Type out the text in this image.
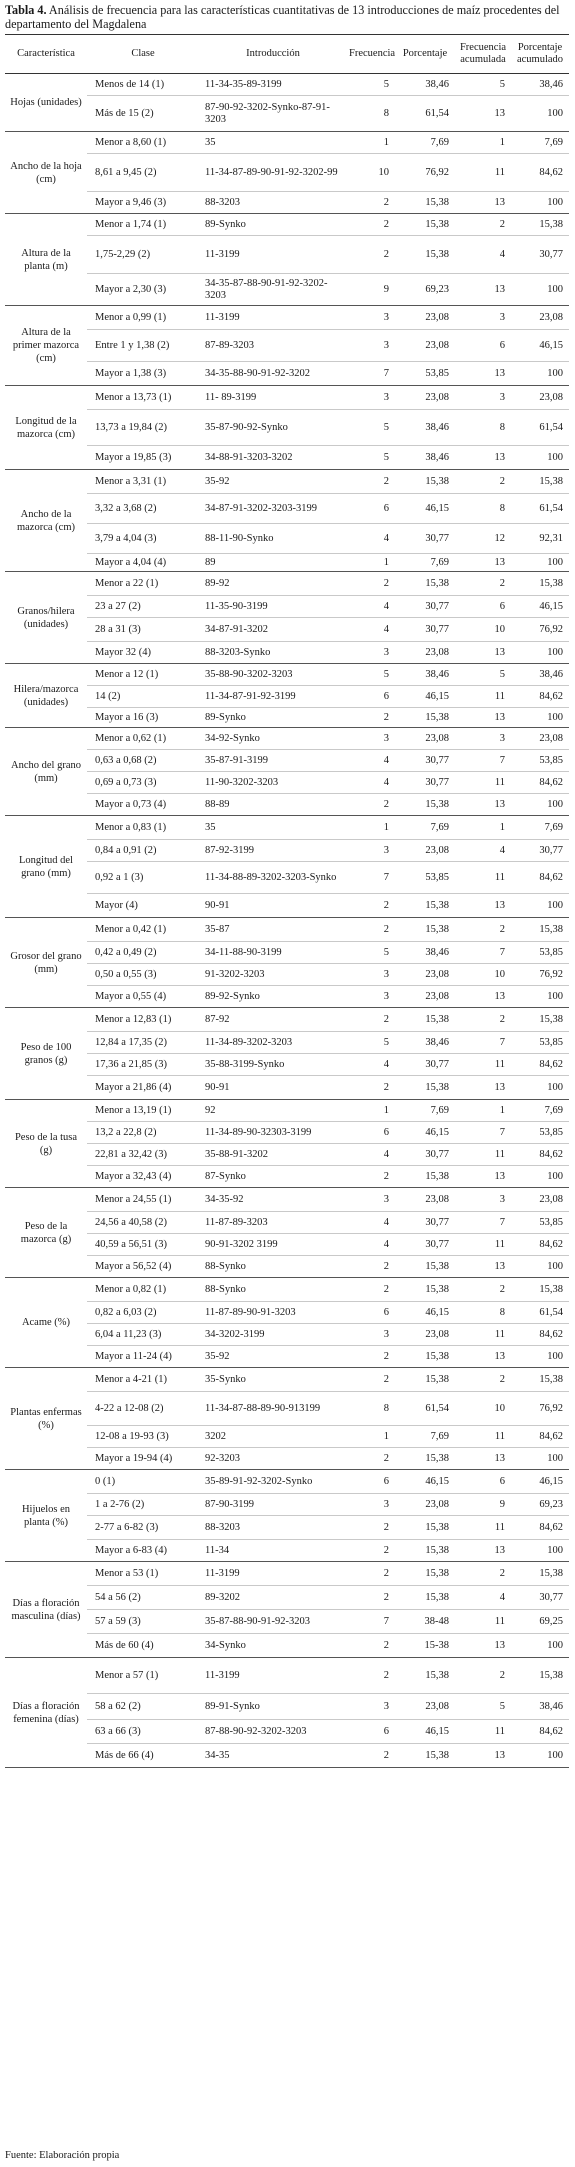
Tabla 4. Análisis de frecuencia para las características cuantitativas de 13 introducciones de maíz procedentes del departamento del Magdalena
Característica	Clase	Introducción	Frecuencia	Porcentaje	Frecuencia acumulada	Porcentaje acumulado
Hojas (unidades)	Menos de 14 (1)	11-34-35-89-3199	5	38,46	5	38,46
	Más de 15 (2)	87-90-92-3202-Synko-87-91-3203	8	61,54	13	100
Ancho de la hoja (cm)	Menor a 8,60 (1)	35	1	7,69	1	7,69
	8,61 a 9,45 (2)	11-34-87-89-90-91-92-3202-99	10	76,92	11	84,62
	Mayor a 9,46 (3)	88-3203	2	15,38	13	100
Altura de la planta (m)	Menor a 1,74 (1)	89-Synko	2	15,38	2	15,38
	1,75-2,29 (2)	11-3199	2	15,38	4	30,77
	Mayor a 2,30 (3)	34-35-87-88-90-91-92-3202-3203	9	69,23	13	100
Altura de la primer mazorca (cm)	Menor a 0,99 (1)	11-3199	3	23,08	3	23,08
	Entre 1 y 1,38 (2)	87-89-3203	3	23,08	6	46,15
	Mayor a 1,38 (3)	34-35-88-90-91-92-3202	7	53,85	13	100
Longitud de la mazorca (cm)	Menor a 13,73 (1)	11- 89-3199	3	23,08	3	23,08
	13,73 a 19,84 (2)	35-87-90-92-Synko	5	38,46	8	61,54
	Mayor a 19,85 (3)	34-88-91-3203-3202	5	38,46	13	100
Ancho de la mazorca (cm)	Menor a 3,31 (1)	35-92	2	15,38	2	15,38
	3,32 a 3,68 (2)	34-87-91-3202-3203-3199	6	46,15	8	61,54
	3,79 a 4,04 (3)	88-11-90-Synko	4	30,77	12	92,31
	Mayor a 4,04 (4)	89	1	7,69	13	100
Granos/hilera (unidades)	Menor a 22 (1)	89-92	2	15,38	2	15,38
	23 a 27 (2)	11-35-90-3199	4	30,77	6	46,15
	28 a 31 (3)	34-87-91-3202	4	30,77	10	76,92
	Mayor 32 (4)	88-3203-Synko	3	23,08	13	100
Hilera/mazorca (unidades)	Menor a 12 (1)	35-88-90-3202-3203	5	38,46	5	38,46
	14 (2)	11-34-87-91-92-3199	6	46,15	11	84,62
	Mayor a 16 (3)	89-Synko	2	15,38	13	100
Ancho del grano (mm)	Menor a 0,62 (1)	34-92-Synko	3	23,08	3	23,08
	0,63 a 0,68 (2)	35-87-91-3199	4	30,77	7	53,85
	0,69 a 0,73 (3)	11-90-3202-3203	4	30,77	11	84,62
	Mayor a 0,73 (4)	88-89	2	15,38	13	100
Longitud del grano (mm)	Menor a 0,83 (1)	35	1	7,69	1	7,69
	0,84 a 0,91 (2)	87-92-3199	3	23,08	4	30,77
	0,92 a 1 (3)	11-34-88-89-3202-3203-Synko	7	53,85	11	84,62
	Mayor (4)	90-91	2	15,38	13	100
Grosor del grano (mm)	Menor a 0,42 (1)	35-87	2	15,38	2	15,38
	0,42 a 0,49 (2)	34-11-88-90-3199	5	38,46	7	53,85
	0,50 a 0,55 (3)	91-3202-3203	3	23,08	10	76,92
	Mayor a 0,55 (4)	89-92-Synko	3	23,08	13	100
Peso de 100 granos (g)	Menor a 12,83 (1)	87-92	2	15,38	2	15,38
	12,84 a 17,35 (2)	11-34-89-3202-3203	5	38,46	7	53,85
	17,36 a 21,85 (3)	35-88-3199-Synko	4	30,77	11	84,62
	Mayor a 21,86 (4)	90-91	2	15,38	13	100
Peso de la tusa (g)	Menor a 13,19 (1)	92	1	7,69	1	7,69
	13,2 a 22,8 (2)	11-34-89-90-32303-3199	6	46,15	7	53,85
	22,81 a 32,42 (3)	35-88-91-3202	4	30,77	11	84,62
	Mayor a 32,43 (4)	87-Synko	2	15,38	13	100
Peso de la mazorca (g)	Menor a 24,55 (1)	34-35-92	3	23,08	3	23,08
	24,56 a 40,58 (2)	11-87-89-3203	4	30,77	7	53,85
	40,59 a 56,51 (3)	90-91-3202 3199	4	30,77	11	84,62
	Mayor a 56,52 (4)	88-Synko	2	15,38	13	100
Acame (%)	Menor a 0,82 (1)	88-Synko	2	15,38	2	15,38
	0,82 a 6,03 (2)	11-87-89-90-91-3203	6	46,15	8	61,54
	6,04 a 11,23 (3)	34-3202-3199	3	23,08	11	84,62
	Mayor a 11-24 (4)	35-92	2	15,38	13	100
Plantas enfermas (%)	Menor a 4-21 (1)	35-Synko	2	15,38	2	15,38
	4-22 a 12-08 (2)	11-34-87-88-89-90-913199	8	61,54	10	76,92
	12-08 a 19-93 (3)	3202	1	7,69	11	84,62
	Mayor a 19-94 (4)	92-3203	2	15,38	13	100
Hijuelos en planta (%)	0 (1)	35-89-91-92-3202-Synko	6	46,15	6	46,15
	1 a 2-76 (2)	87-90-3199	3	23,08	9	69,23
	2-77 a 6-82 (3)	88-3203	2	15,38	11	84,62
	Mayor a 6-83 (4)	11-34	2	15,38	13	100
Días a floración masculina (días)	Menor a 53 (1)	11-3199	2	15,38	2	15,38
	54 a 56 (2)	89-3202	2	15,38	4	30,77
	57 a 59 (3)	35-87-88-90-91-92-3203	7	38-48	11	69,25
	Más de 60 (4)	34-Synko	2	15-38	13	100
Días a floración femenina (días)	Menor a 57 (1)	11-3199	2	15,38	2	15,38
	58 a 62 (2)	89-91-Synko	3	23,08	5	38,46
	63 a 66 (3)	87-88-90-92-3202-3203	6	46,15	11	84,62
	Más de 66 (4)	34-35	2	15,38	13	100
Fuente: Elaboración propia
